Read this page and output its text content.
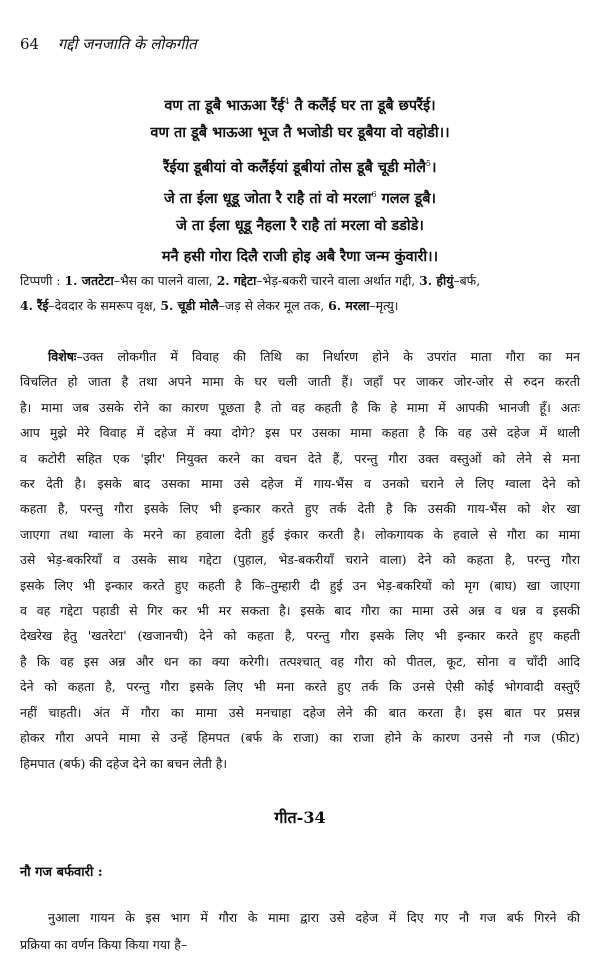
64 गद्दी जनजाति के लोकगीत
वण ता डूबै भाऊआ रैंई$^4$ तै कलैंई घर ता डूबै छपरैंई।
वण ता डूबै भाऊआ भूज तै भजोडी घर डूबैया वो वहोडी।।
रैंईया डूबीयां वो कलैंईयां डूबीयां तोस डूबै चूडी मोलै$^5$।
जे ता ईला धूडू जोता रै राहै तां वो मरला$^6$ गलल डूबै।
जे ता ईला धूडू नैहला रै राहै तां मरला वो डडोडे।
मनै हसी गोरा दिलै राजी होइ अबै रैणा जन्म कुंवारी।।
टिप्पणी : 1. जतटेटा–भैस का पालने वाला, 2. गद्देटा–भेड़-बकरी चारने वाला अर्थात गद्दी, 3. हीयुं–बर्फ,
4. रैंई–देवदार के समरूप वृक्ष, 5. चूडी मोलै–जड़ से लेकर मूल तक, 6. मरला–मृत्यु।
विशेषः–उक्त लोकगीत में विवाह की तिथि का निर्धारण होने के उपरांत माता गौरा का मन
विचलित हो जाता है तथा अपने मामा के घर चली जाती हैं। जहाँ पर जाकर जोर-जोर से रुदन करती
है। मामा जब उसके रोने का कारण पूछता है तो वह कहती है कि हे मामा में आपकी भानजी हूँ। अतः
आप मुझे मेरे विवाह में दहेज में क्या दोगे? इस पर उसका मामा कहता है कि वह उसे दहेज में थाली
व कटोरी सहित एक 'झीर' नियुक्त करने का वचन देते हैं, परन्तु गौरा उक्त वस्तुओं को लेने से मना
कर देती है। इसके बाद उसका मामा उसे दहेज में गाय-भैंस व उनको चराने ले लिए ग्वाला देने को
कहता है, परन्तु गौरा इसके लिए भी इन्कार करते हुए तर्क देती है कि उसकी गाय-भैंस को शेर खा
जाएगा तथा ग्वाला के मरने का हवाला देती हुई इंकार करती है। लोकगायक के हवाले से गौरा का मामा
उसे भेड़-बकरियाँ व उसके साथ गद्देटा (पुहाल, भेड-बकरीयाँ चराने वाला) देने को कहता है, परन्तु गौरा
इसके लिए भी इन्कार करते हुए कहती है कि–तुम्हारी दी हुई उन भेड़-बकरियों को मृग (बाघ) खा जाएगा
व वह गद्देटा पहाडी से गिर कर भी मर सकता है। इसके बाद गौरा का मामा उसे अन्न व धन्न व इसकी
देखरेख हेतु 'खतरेटा' (खजानची) देने को कहता है, परन्तु गौरा इसके लिए भी इन्कार करते हुए कहती
है कि वह इस अन्न और धन का क्या करेगी। तत्पश्चात् वह गौरा को पीतल, कूट, सोना व चाँदी आदि
देने को कहता है, परन्तु गौरा इसके लिए भी मना करते हुए तर्क कि उनसे ऐसी कोई भोगवादी वस्तुएँ
नहीं चाहती। अंत में गौरा का मामा उसे मनचाहा दहेज लेने की बात करता है। इस बात पर प्रसन्न
होकर गौरा अपने मामा से उन्हें हिमपत (बर्फ के राजा) का राजा होने के कारण उनसे नौ गज (फीट)
हिमपात (बर्फ) की दहेज देने का बचन लेती है।
गीत-34
नौ गज बर्फवारी :
नुआला गायन के इस भाग में गौरा के मामा द्वारा उसे दहेज में दिए गए नौ गज बर्फ गिरने की
प्रक्रिया का वर्णन किया किया गया है–
